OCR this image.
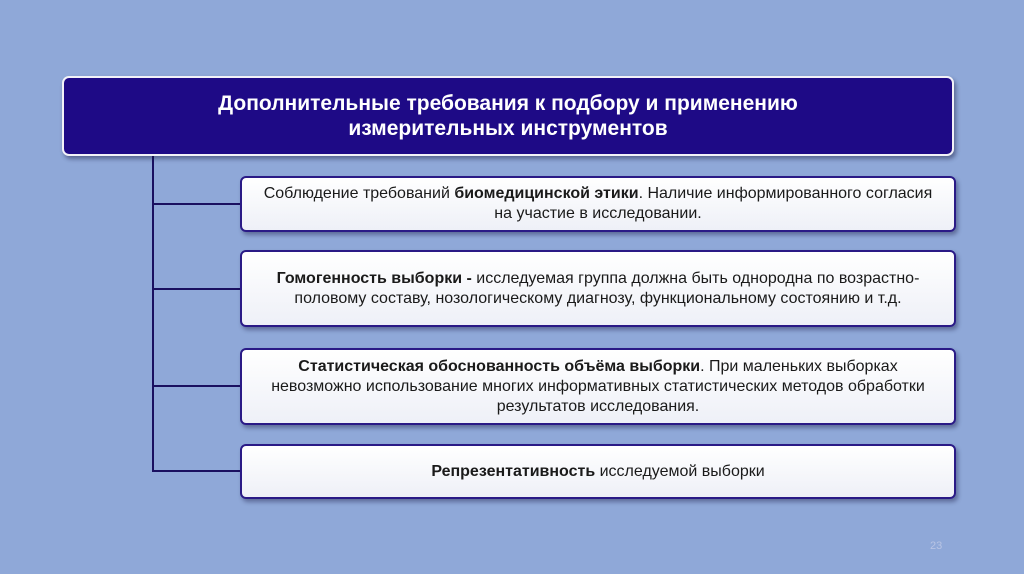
Дополнительные требования к подбору и применению
измерительных инструментов
Соблюдение требований биомедицинской этики. Наличие информированного согласия на участие в исследовании.
Гомогенность выборки - исследуемая группа должна быть однородна по возрастно-половому составу, нозологическому диагнозу, функциональному состоянию и т.д.
Статистическая обоснованность объёма выборки. При маленьких выборках невозможно использование многих информативных статистических методов обработки результатов исследования.
Репрезентативность исследуемой выборки
23
